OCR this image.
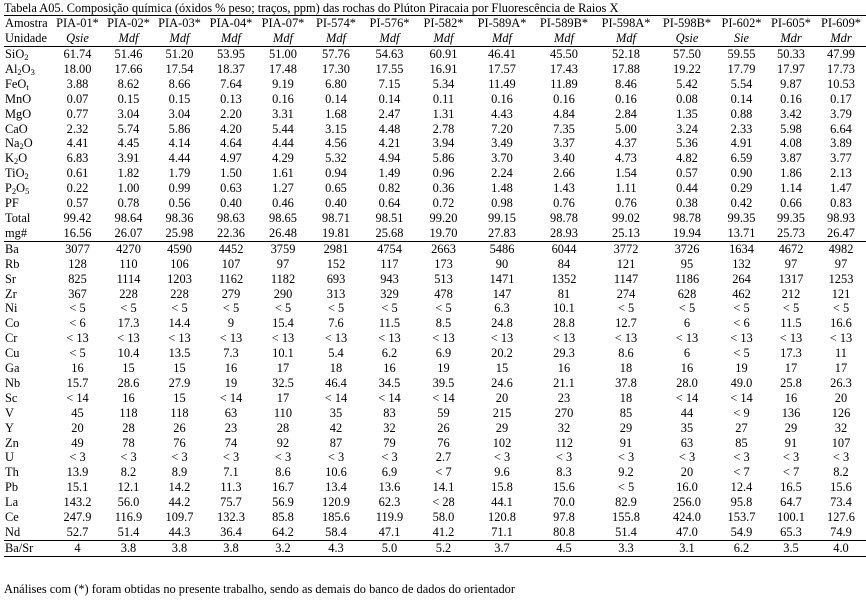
Tabela A05. Composição química (óxidos % peso; traços, ppm) das rochas do Plúton Piracaia por Fluorescência de Raios X
Amostra	PIA-01*	PIA-02*	PIA-03*	PIA-04*	PIA-07*	PI-574*	PI-576*	PI-582*	PI-589A*	PI-589B*	PI-598A*	PI-598B*	PI-602*	PI-605*	PI-609*
Unidade	Qsie	Mdf	Mdf	Mdf	Mdf	Mdf	Mdf	Mdf	Mdf	Mdf	Mdf	Qsie	Sie	Mdr	Mdr
SiO$_2$	61.74	51.46	51.20	53.95	51.00	57.76	54.63	60.91	46.41	45.50	52.18	57.50	59.55	50.33	47.99
$Al_2O_3$	18.00	17.66	17.54	18.37	17.48	17.30	17.55	16.91	17.57	17.43	17.88	19.22	17.79	17.97	17.73
FeO$_t$	3.88	8.62	8.66	7.64	9.19	6.80	7.15	5.34	11.49	11.89	8.46	5.42	5.54	9.87	10.53
MnO	0.07	0.15	0.15	0.13	0.16	0.14	0.14	0.11	0.16	0.16	0.16	0.08	0.14	0.16	0.17
MgO	0.77	3.04	3.04	2.20	3.31	1.68	2.47	1.31	4.43	4.84	2.84	1.35	0.88	3.42	3.79
CaO	2.32	5.74	5.86	4.20	5.44	3.15	4.48	2.78	7.20	7.35	5.00	3.24	2.33	5.98	6.64
$Na_2O$	4.41	4.45	4.14	4.64	4.44	4.56	4.21	3.94	3.49	3.37	4.37	5.36	4.91	4.08	3.89
$K_2O$	6.83	3.91	4.44	4.97	4.29	5.32	4.94	5.86	3.70	3.40	4.73	4.82	6.59	3.87	3.77
TiO$_2$	0.61	1.82	1.79	1.50	1.61	0.94	1.49	0.96	2.24	2.66	1.54	0.57	0.90	1.86	2.13
$P_2O_5$	0.22	1.00	0.99	0.63	1.27	0.65	0.82	0.36	1.48	1.43	1.11	0.44	0.29	1.14	1.47
PF	0.57	0.78	0.56	0.40	0.46	0.40	0.64	0.72	0.98	0.76	0.76	0.38	0.42	0.66	0.83
Total	99.42	98.64	98.36	98.63	98.65	98.71	98.51	99.20	99.15	98.78	99.02	98.78	99.35	99.35	98.93
mg#	16.56	26.07	25.98	22.36	26.48	19.81	25.68	19.70	27.83	28.93	25.13	19.94	13.71	25.73	26.47
Ba	3077	4270	4590	4452	3759	2981	4754	2663	5486	6044	3772	3726	1634	4672	4982
Rb	128	110	106	107	97	152	117	173	90	84	121	95	132	97	97
Sr	825	1114	1203	1162	1182	693	943	513	1471	1352	1147	1186	264	1317	1253
Zr	367	228	228	279	290	313	329	478	147	81	274	628	462	212	121
Ni	< 5	< 5	< 5	< 5	< 5	< 5	< 5	< 5	6.3	10.1	< 5	< 5	< 5	< 5	< 5
Co	< 6	17.3	14.4	9	15.4	7.6	11.5	8.5	24.8	28.8	12.7	6	< 6	11.5	16.6
Cr	< 13	< 13	< 13	< 13	< 13	< 13	< 13	< 13	< 13	< 13	< 13	< 13	< 13	< 13	< 13
Cu	< 5	10.4	13.5	7.3	10.1	5.4	6.2	6.9	20.2	29.3	8.6	6	< 5	17.3	11
Ga	16	15	15	16	17	18	16	19	15	16	18	16	19	17	17
Nb	15.7	28.6	27.9	19	32.5	46.4	34.5	39.5	24.6	21.1	37.8	28.0	49.0	25.8	26.3
Sc	< 14	16	15	< 14	17	< 14	< 14	< 14	20	23	18	< 14	< 14	16	20
V	45	118	118	63	110	35	83	59	215	270	85	44	< 9	136	126
Y	20	28	26	23	28	42	32	26	29	32	29	35	27	29	32
Zn	49	78	76	74	92	87	79	76	102	112	91	63	85	91	107
U	< 3	< 3	< 3	< 3	< 3	< 3	< 3	2.7	< 3	< 3	< 3	< 3	< 3	< 3	< 3
Th	13.9	8.2	8.9	7.1	8.6	10.6	6.9	< 7	9.6	8.3	9.2	20	< 7	< 7	8.2
Pb	15.1	12.1	14.2	11.3	16.7	13.4	13.6	14.1	15.8	15.6	< 5	16.0	12.4	16.5	15.6
La	143.2	56.0	44.2	75.7	56.9	120.9	62.3	< 28	44.1	70.0	82.9	256.0	95.8	64.7	73.4
Ce	247.9	116.9	109.7	132.3	85.8	185.6	119.9	58.0	120.8	97.8	155.8	424.0	153.7	100.1	127.6
Nd	52.7	51.4	44.3	36.4	64.2	58.4	47.1	41.2	71.1	80.8	51.4	47.0	54.9	65.3	74.9
Ba/Sr	4	3.8	3.8	3.8	3.2	4.3	5.0	5.2	3.7	4.5	3.3	3.1	6.2	3.5	4.0
Análises com (*) foram obtidas no presente trabalho, sendo as demais do banco de dados do orientador
